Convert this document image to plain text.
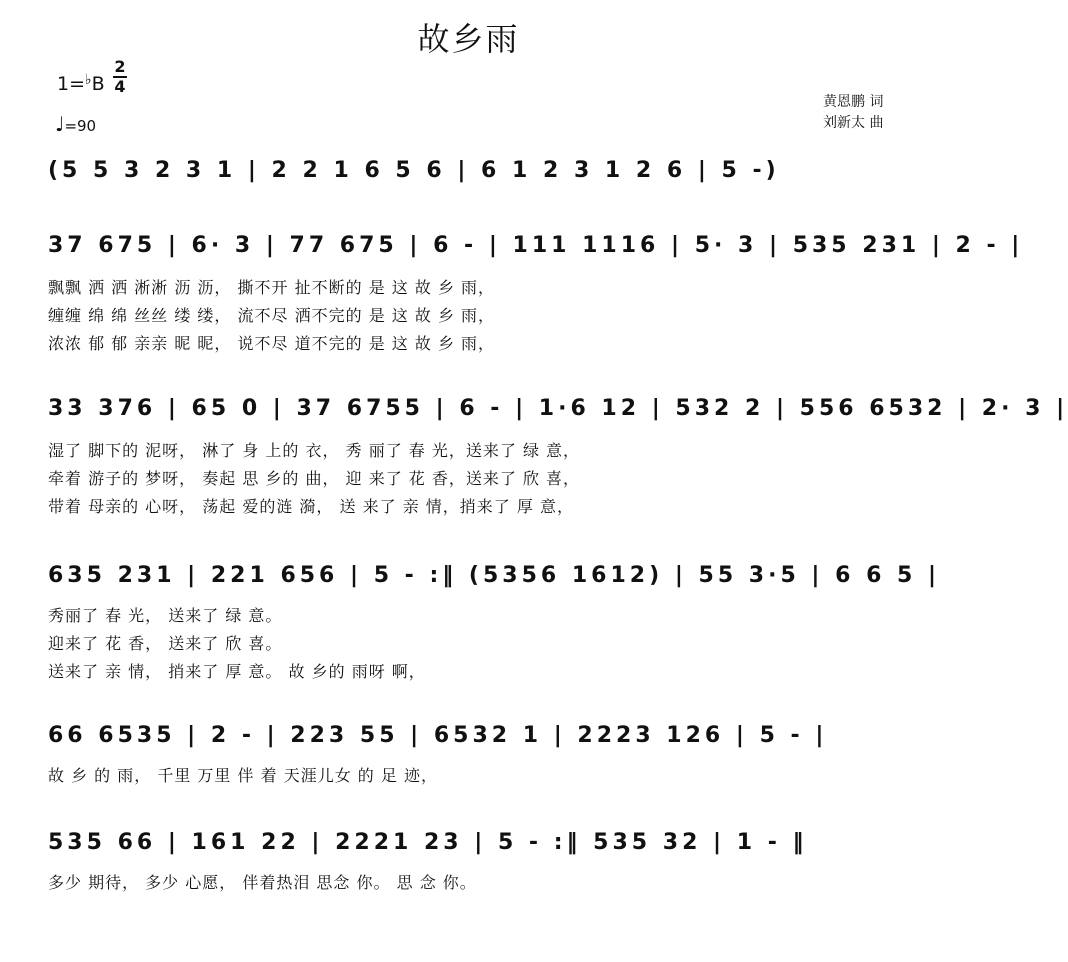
故乡雨
1=♭B
2
4
♩=90
黄恩鹏 词
刘新太 曲
(5 5 3 2 3 1 | 2 2 1 6 5 6 | 6 1 2 3 1 2 6 | 5 -)
37 675 | 6· 3 | 77 675 | 6 - | 111 1116 | 5· 3 | 535 231 | 2 - |
飘飘 洒 洒 淅淅 沥 沥， 撕不开 扯不断的 是 这 故 乡 雨，
缠缠 绵 绵 丝丝 缕 缕， 流不尽 洒不完的 是 这 故 乡 雨，
浓浓 郁 郁 亲亲 昵 昵， 说不尽 道不完的 是 这 故 乡 雨，
33 376 | 65 0 | 37 6755 | 6 - | 1·6 12 | 532 2 | 556 6532 | 2· 3 |
湿了 脚下的 泥呀， 淋了 身 上的 衣， 秀 丽了 春 光，送来了 绿 意，
牵着 游子的 梦呀， 奏起 思 乡的 曲， 迎 来了 花 香，送来了 欣 喜，
带着 母亲的 心呀， 荡起 爱的涟 漪， 送 来了 亲 情，捎来了 厚 意，
635 231 | 221 656 | 5 - :‖ (5356 1612) | 55 3·5 | 6 6 5 |
秀丽了 春 光， 送来了 绿 意。
迎来了 花 香， 送来了 欣 喜。
送来了 亲 情， 捎来了 厚 意。 故 乡的 雨呀 啊，
66 6535 | 2 - | 223 55 | 6532 1 | 2223 126 | 5 - |
故 乡 的 雨， 千里 万里 伴 着 天涯儿女 的 足 迹，
535 66 | 161 22 | 2221 23 | 5 - :‖ 535 32 | 1 - ‖
多少 期待， 多少 心愿， 伴着热泪 思念 你。 思 念 你。
